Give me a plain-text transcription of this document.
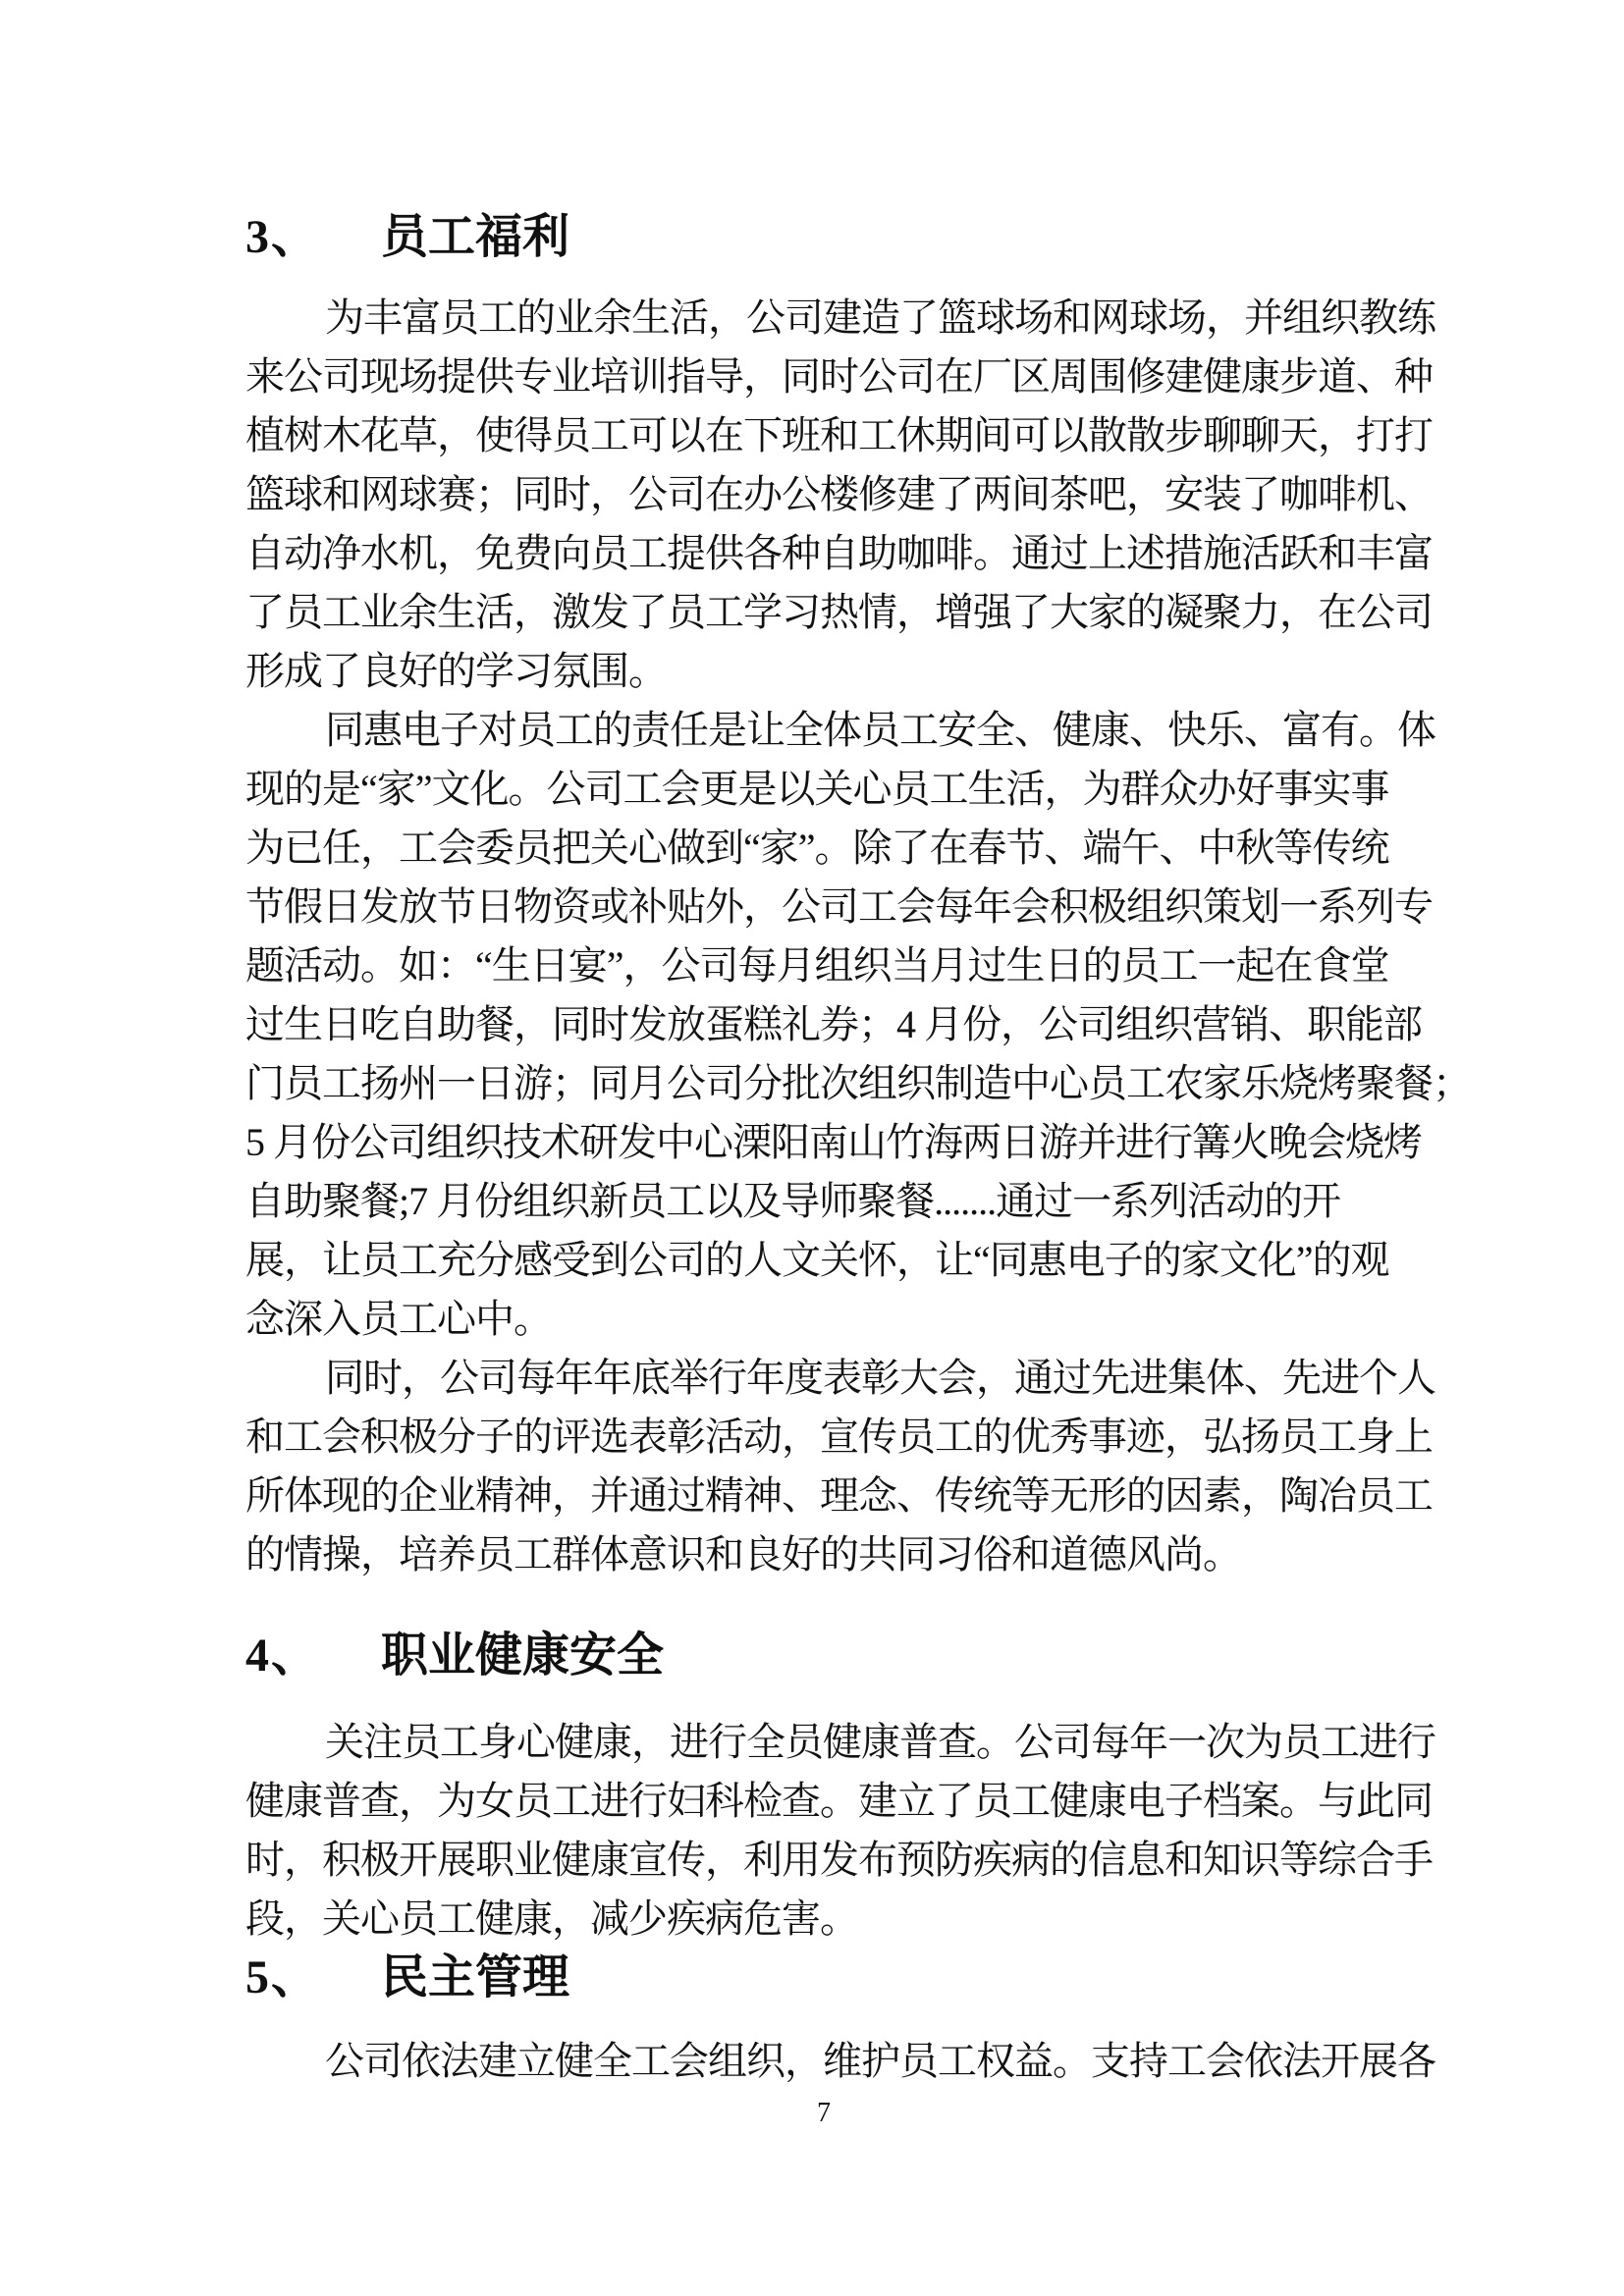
3、 员工福利
为丰富员工的业余生活，公司建造了篮球场和网球场，并组织教练
来公司现场提供专业培训指导，同时公司在厂区周围修建健康步道、种
植树木花草，使得员工可以在下班和工休期间可以散散步聊聊天，打打
篮球和网球赛；同时，公司在办公楼修建了两间茶吧，安装了咖啡机、
自动净水机，免费向员工提供各种自助咖啡。通过上述措施活跃和丰富
了员工业余生活，激发了员工学习热情，增强了大家的凝聚力，在公司
形成了良好的学习氛围。
同惠电子对员工的责任是让全体员工安全、健康、快乐、富有。体
现的是“家”文化。公司工会更是以关心员工生活，为群众办好事实事
为已任，工会委员把关心做到“家”。除了在春节、端午、中秋等传统
节假日发放节日物资或补贴外，公司工会每年会积极组织策划一系列专
题活动。如：“生日宴”，公司每月组织当月过生日的员工一起在食堂
过生日吃自助餐，同时发放蛋糕礼券；4 月份，公司组织营销、职能部
门员工扬州一日游；同月公司分批次组织制造中心员工农家乐烧烤聚餐；
5 月份公司组织技术研发中心溧阳南山竹海两日游并进行篝火晚会烧烤
自助聚餐;7 月份组织新员工以及导师聚餐.......通过一系列活动的开
展，让员工充分感受到公司的人文关怀，让“同惠电子的家文化”的观
念深入员工心中。
同时，公司每年年底举行年度表彰大会，通过先进集体、先进个人
和工会积极分子的评选表彰活动，宣传员工的优秀事迹，弘扬员工身上
所体现的企业精神，并通过精神、理念、传统等无形的因素，陶冶员工
的情操，培养员工群体意识和良好的共同习俗和道德风尚。
4、 职业健康安全
关注员工身心健康，进行全员健康普查。公司每年一次为员工进行
健康普查，为女员工进行妇科检查。建立了员工健康电子档案。与此同
时，积极开展职业健康宣传，利用发布预防疾病的信息和知识等综合手
段，关心员工健康，减少疾病危害。
5、 民主管理
公司依法建立健全工会组织，维护员工权益。支持工会依法开展各
7
